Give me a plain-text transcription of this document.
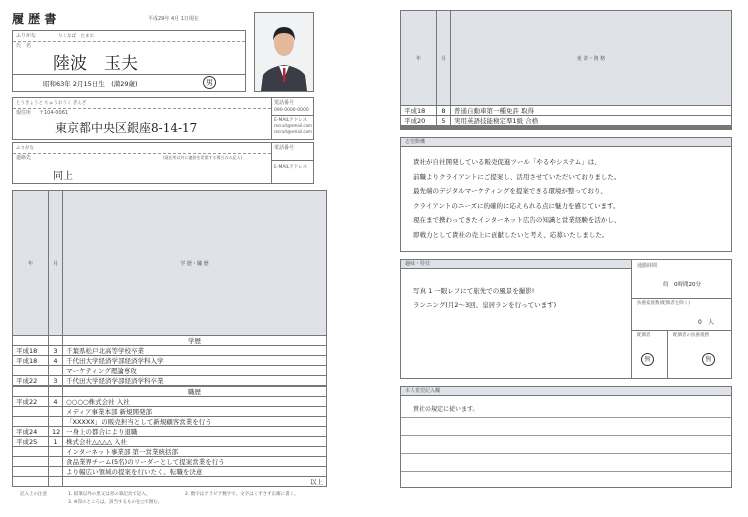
履 歴 書	平成29年 4月 1日現在
ふりがな	りくなば　たまお
氏　名
陸波　玉夫
昭和63年 2月15日生　(満29歳)	男
とうきょうと ちゅうおうく ぎんざ
現住所 〒104-0061
東京都中央区銀座8-14-17
電話番号
090-0000-0000
E-MAILアドレス
recruit@email.com
recruit@email.com
ふりがな
連絡先	(現住所以外に連絡を希望する場合のみ記入)
同上
電話番号
E-MAILアドレス
年	月	学 歴・職 歴
		学歴
平成18	3	千葉県松戸北高等学校卒業
平成18	4	千代田大学経済学部経済学科入学
		マーケティング理論専攻
平成22	3	千代田大学経済学部経済学科卒業

		職歴
平成22	4	○○○○株式会社 入社
		メディア事業本部 新規開発部
		「XXXXX」の販売担当として新規顧客営業を行う
平成24	12	一身上の都合により退職
平成25	1	株式会社△△△△ 入社
		インターネット事業部 第一営業統括部
		食品業界チーム(5名)のリーダーとして提案営業を行う
		より幅広い領域の提案を行いたく、転職を決意
		以上
記入上の注意	1. 鉛筆以外の黒又は青の筆記具で記入。	2. 数字はアラビア数字で、文字はくずさず正確に書く。
3. ※印のところは、該当するものを○で囲む。
年	月	免 許・資 格
平成18	8	普通自動車第一種免許 取得
平成20	5	実用英語技能検定準1級 合格

志望動機
貴社が自社開発している販売促進ツール「やるやシステム」は、
前職よりクライアントにご提案し、活用させていただいておりました。
最先端のデジタルマーケティングを提案できる環境が整っており、
クライアントのニーズに的確的に応えられる点に魅力を感じています。
現在まで携わってきたインターネット広告の知識と営業経験を活かし、
即戦力として貴社の売上に貢献したいと考え、応募いたしました。
趣味・特技
写真 1 一眼レフにて旅先での風景を撮影!
ランニング(月2〜3回、皇居ランを行っています)
通勤時間
約　0時間20分
扶養家族数(配偶者を除く)
0　人
配偶者	配偶者の扶養義務
無	無
本人希望記入欄
貴社の規定に従います。
